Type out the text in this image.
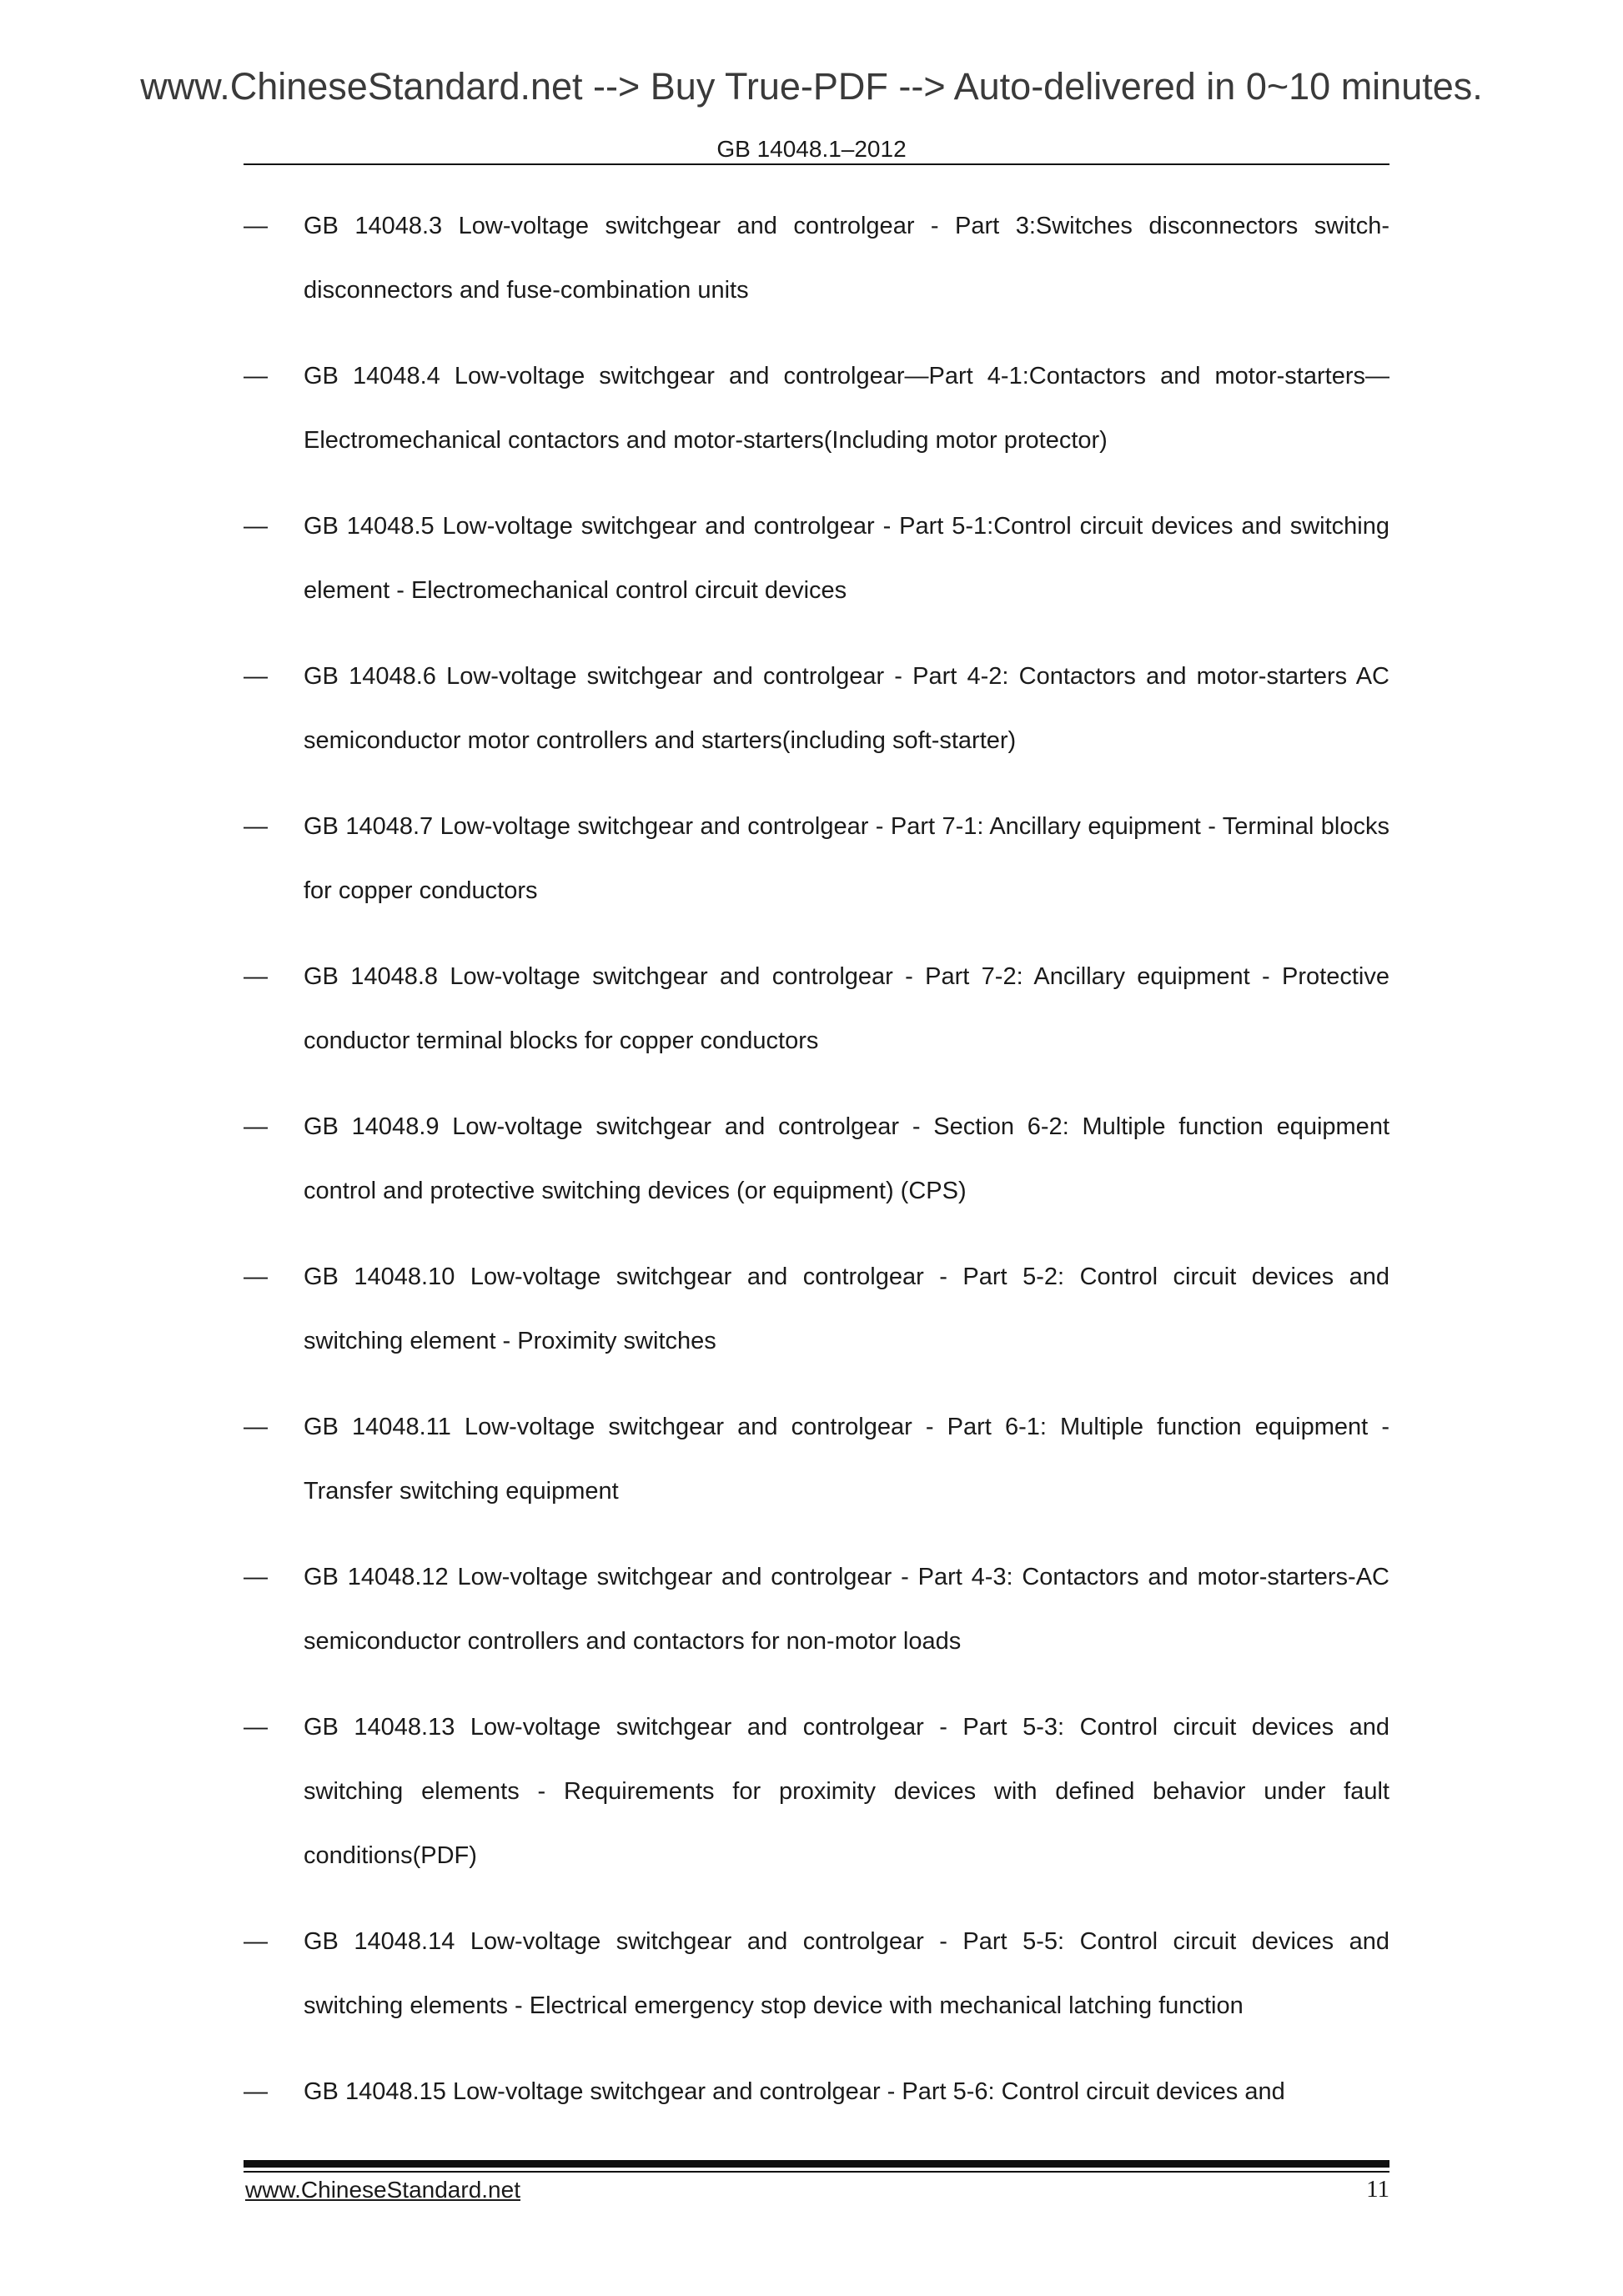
www.ChineseStandard.net --> Buy True-PDF --> Auto-delivered in 0~10 minutes.
GB 14048.1–2012
— GB 14048.3 Low-voltage switchgear and controlgear - Part 3:Switches disconnectors switch-disconnectors and fuse-combination units
— GB 14048.4 Low-voltage switchgear and controlgear—Part 4-1:Contactors and motor-starters—Electromechanical contactors and motor-starters(Including motor protector)
— GB 14048.5 Low-voltage switchgear and controlgear - Part 5-1:Control circuit devices and switching element - Electromechanical control circuit devices
— GB 14048.6 Low-voltage switchgear and controlgear - Part 4-2: Contactors and motor-starters AC semiconductor motor controllers and starters(including soft-starter)
— GB 14048.7 Low-voltage switchgear and controlgear - Part 7-1: Ancillary equipment - Terminal blocks for copper conductors
— GB 14048.8 Low-voltage switchgear and controlgear - Part 7-2: Ancillary equipment - Protective conductor terminal blocks for copper conductors
— GB 14048.9 Low-voltage switchgear and controlgear - Section 6-2: Multiple function equipment control and protective switching devices (or equipment) (CPS)
— GB 14048.10 Low-voltage switchgear and controlgear - Part 5-2: Control circuit devices and switching element - Proximity switches
— GB 14048.11 Low-voltage switchgear and controlgear - Part 6-1: Multiple function equipment - Transfer switching equipment
— GB 14048.12 Low-voltage switchgear and controlgear - Part 4-3: Contactors and motor-starters-AC semiconductor controllers and contactors for non-motor loads
— GB 14048.13 Low-voltage switchgear and controlgear - Part 5-3: Control circuit devices and switching elements - Requirements for proximity devices with defined behavior under fault conditions(PDF)
— GB 14048.14 Low-voltage switchgear and controlgear - Part 5-5: Control circuit devices and switching elements - Electrical emergency stop device with mechanical latching function
— GB 14048.15 Low-voltage switchgear and controlgear - Part 5-6: Control circuit devices and
www.ChineseStandard.net	11
